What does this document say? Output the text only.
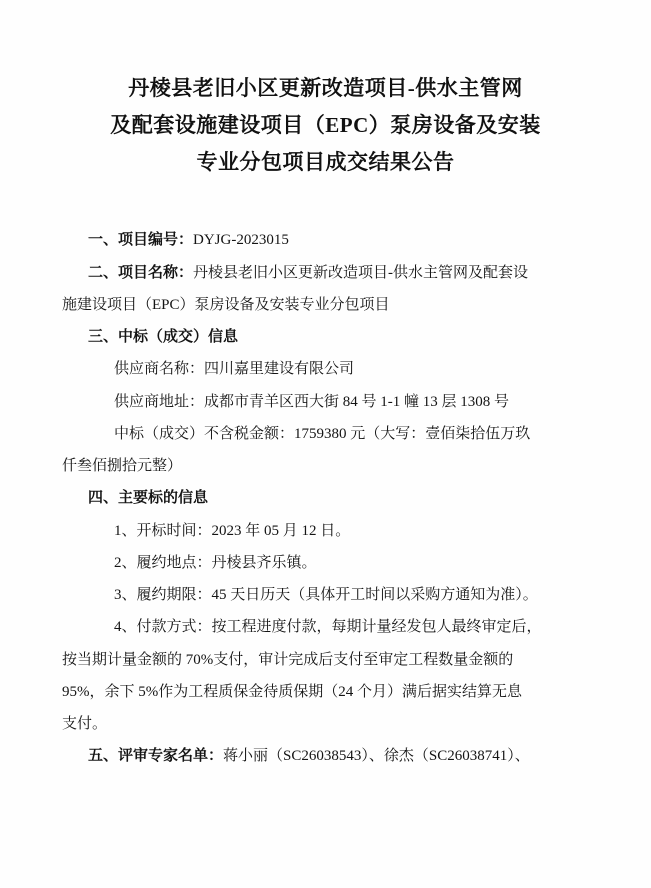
丹棱县老旧小区更新改造项目-供水主管网
及配套设施建设项目（EPC）泵房设备及安装
专业分包项目成交结果公告

一、项目编号：DYJG-2023015

二、项目名称：丹棱县老旧小区更新改造项目-供水主管网及配套设

施建设项目（EPC）泵房设备及安装专业分包项目

三、中标（成交）信息

供应商名称：四川嘉里建设有限公司

供应商地址：成都市青羊区西大街 84 号 1-1 幢 13 层 1308 号

中标（成交）不含税金额：1759380 元（大写：壹佰柒拾伍万玖

仟叁佰捌拾元整）

四、主要标的信息

1、开标时间：2023 年 05 月 12 日。

2、履约地点：丹棱县齐乐镇。

3、履约期限：45 天日历天（具体开工时间以采购方通知为准）。

4、付款方式：按工程进度付款，每期计量经发包人最终审定后，

按当期计量金额的 70%支付，审计完成后支付至审定工程数量金额的

95%，余下 5%作为工程质保金待质保期（24 个月）满后据实结算无息

支付。

五、评审专家名单：蒋小丽（SC26038543）、徐杰（SC26038741）、
